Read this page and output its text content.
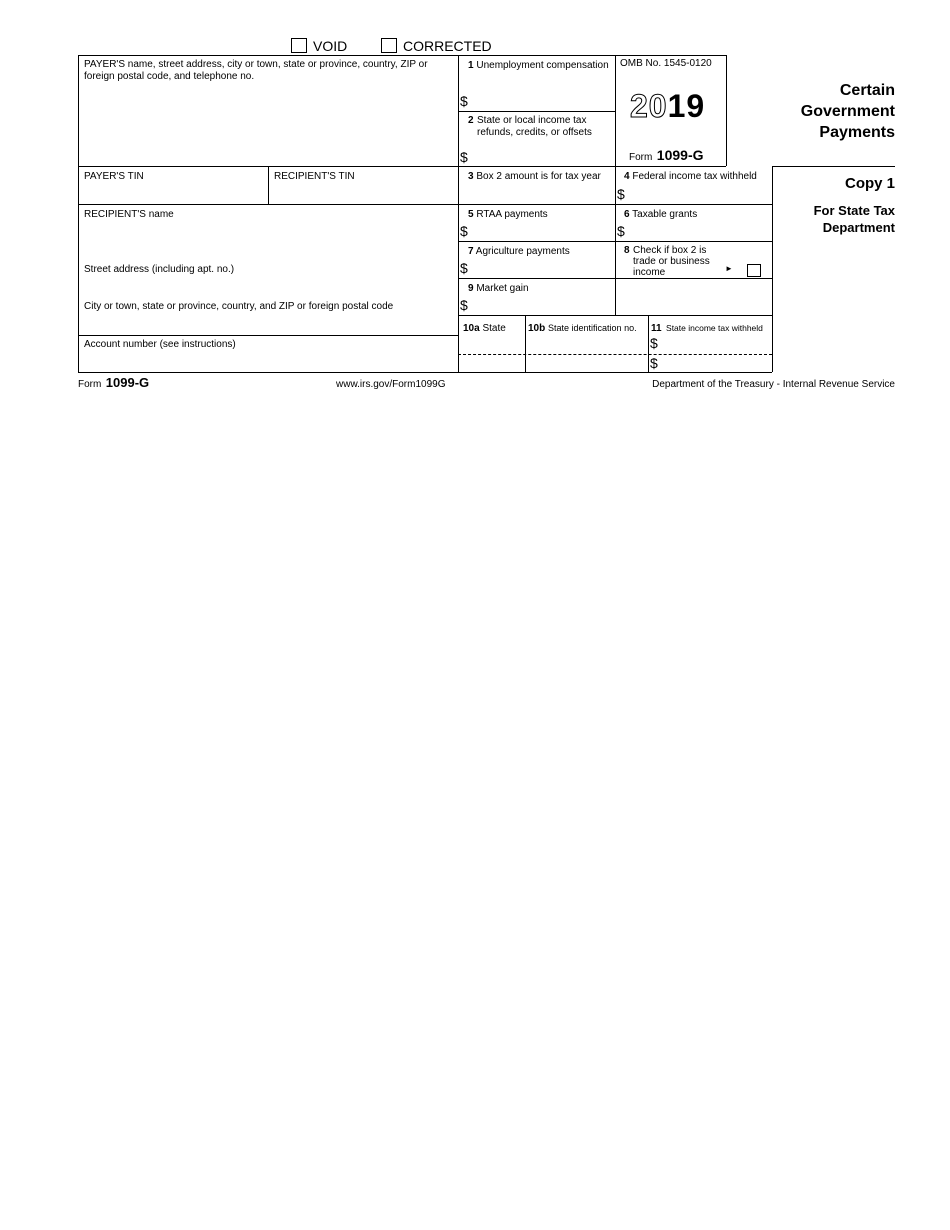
VOID	CORRECTED
PAYER'S name, street address, city or town, state or province, country, ZIP or foreign postal code, and telephone no.
1 Unemployment compensation
$
2 State or local income tax refunds, credits, or offsets
$
OMB No. 1545-0120
2019
Form 1099-G
Certain Government Payments
PAYER'S TIN	RECIPIENT'S TIN	3 Box 2 amount is for tax year 4 Federal income tax withheld
$
Copy 1
For State Tax Department
RECIPIENT'S name
Street address (including apt. no.)
City or town, state or province, country, and ZIP or foreign postal code
Account number (see instructions)
5 RTAA payments
$
6 Taxable grants
$
7 Agriculture payments
$
8 Check if box 2 is trade or business income	►
9 Market gain
$
10a State 10b State identification no. 11 State income tax withheld
$
$
Form 1099-G	www.irs.gov/Form1099G	Department of the Treasury - Internal Revenue Service
